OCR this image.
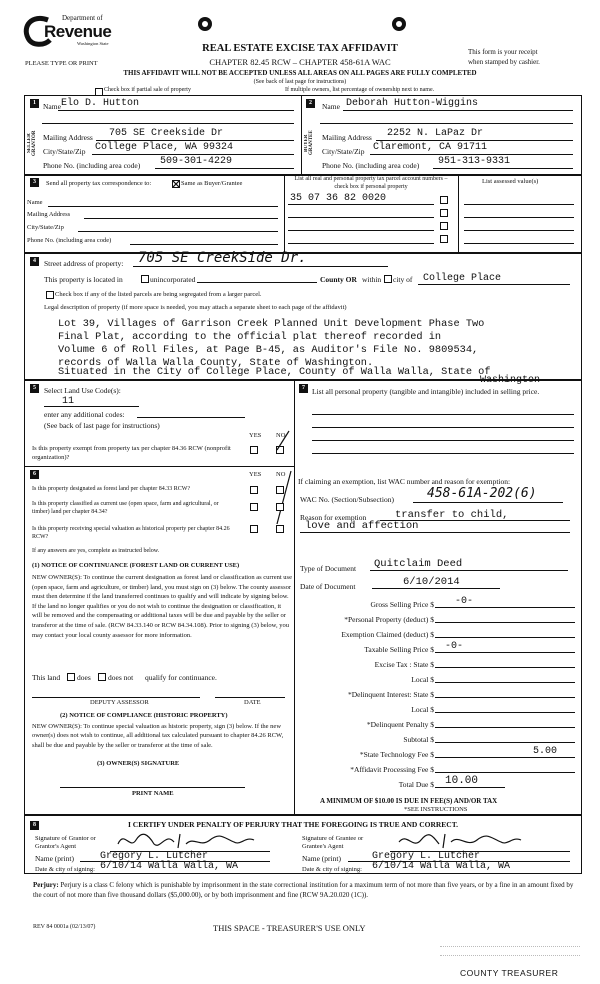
Department of
Revenue
Washington State
PLEASE TYPE OR PRINT
REAL ESTATE EXCISE TAX AFFIDAVIT
CHAPTER 82.45 RCW – CHAPTER 458-61A WAC
This form is your receipt
when stamped by cashier.
THIS AFFIDAVIT WILL NOT BE ACCEPTED UNLESS ALL AREAS ON ALL PAGES ARE FULLY COMPLETED
(See back of last page for instructions)
Check box if partial sale of property	If multiple owners, list percentage of ownership next to name.
1
SELLER GRANTOR
Name Elo D. Hutton
Mailing Address 705 SE Creekside Dr
City/State/Zip College Place, WA 99324
Phone No. (including area code) 509-301-4229
2
BUYER GRANTEE
Name Deborah Hutton-Wiggins
Mailing Address 2252 N. LaPaz Dr
City/State/Zip Claremont, CA 91711
Phone No. (including area code) 951-313-9331
3	Send all property tax correspondence to:	Same as Buyer/Grantee
Name
Mailing Address
City/State/Zip
Phone No. (including area code)
List all real and personal property tax parcel account numbers – check box if personal property
35 07 36 82 0020
List assessed value(s)
4	Street address of property: 705 SE CreekSide Dr.
This property is located in	unincorporated	County OR within city of College Place
Check box if any of the listed parcels are being segregated from a larger parcel.
Legal description of property (if more space is needed, you may attach a separate sheet to each page of the affidavit)
Lot 39, Villages of Garrison Creek Planned Unit Development Phase Two
Final Plat, according to the official plat thereof recorded in
Volume 6 of Roll Files, at Page B-45, as Auditor's File No. 9809534,
records of Walla Walla County, State of Washington.
Situated in the City of College Place, County of Walla Walla, State of
Washington
5	Select Land Use Code(s):
11
enter any additional codes:
(See back of last page for instructions)
YES NO
Is this property exempt from property tax per chapter 84.36 RCW (nonprofit organization)?
6	YES NO
Is this property designated as forest land per chapter 84.33 RCW?
Is this property classified as current use (open space, farm and agricultural, or timber) land per chapter 84.34?
Is this property receiving special valuation as historical property per chapter 84.26 RCW?
If any answers are yes, complete as instructed below.
(1) NOTICE OF CONTINUANCE (FOREST LAND OR CURRENT USE)
NEW OWNER(S): To continue the current designation as forest land or classification as current use (open space, farm and agriculture, or timber) land, you must sign on (3) below. The county assessor must then determine if the land transferred continues to qualify and will indicate by signing below. If the land no longer qualifies or you do not wish to continue the designation or classification, it will be removed and the compensating or additional taxes will be due and payable by the seller or transferor at the time of sale. (RCW 84.33.140 or RCW 84.34.108). Prior to signing (3) below, you may contact your local county assessor for more information.
This land does does not qualify for continuance.
DEPUTY ASSESSOR	DATE
(2) NOTICE OF COMPLIANCE (HISTORIC PROPERTY)
NEW OWNER(S): To continue special valuation as historic property, sign (3) below. If the new owner(s) does not wish to continue, all additional tax calculated pursuant to chapter 84.26 RCW, shall be due and payable by the seller or transferor at the time of sale.
(3) OWNER(S) SIGNATURE
PRINT NAME
7 List all personal property (tangible and intangible) included in selling price.
If claiming an exemption, list WAC number and reason for exemption:
WAC No. (Section/Subsection)	458-61A-202(6)
Reason for exemption	transfer to child,
love and affection
Type of Document Quitclaim Deed
Date of Document	6/10/2014
Gross Selling Price $ -0-
*Personal Property (deduct) $
Exemption Claimed (deduct) $
Taxable Selling Price $ -0-
Excise Tax : State $
Local $
*Delinquent Interest: State $
Local $
*Delinquent Penalty $
Subtotal $
*State Technology Fee $	5.00
*Affidavit Processing Fee $
Total Due $ 10.00
A MINIMUM OF $10.00 IS DUE IN FEE(S) AND/OR TAX
*SEE INSTRUCTIONS
8	I CERTIFY UNDER PENALTY OF PERJURY THAT THE FOREGOING IS TRUE AND CORRECT.
Signature of Grantor or Grantor's Agent
Name (print)	Gregory L. Lutcher
Date & city of signing: 6/10/14 Walla Walla, WA
Signature of Grantee or Grantee's Agent
Name (print)	Gregory L. Lutcher
Date & city of signing: 6/10/14 Walla Walla, WA
Perjury: Perjury is a class C felony which is punishable by imprisonment in the state correctional institution for a maximum term of not more than five years, or by a fine in an amount fixed by the court of not more than five thousand dollars ($5,000.00), or by both imprisonment and fine (RCW 9A.20.020 (1C)).
REV 84 0001a (02/13/07)	THIS SPACE - TREASURER'S USE ONLY
COUNTY TREASURER
